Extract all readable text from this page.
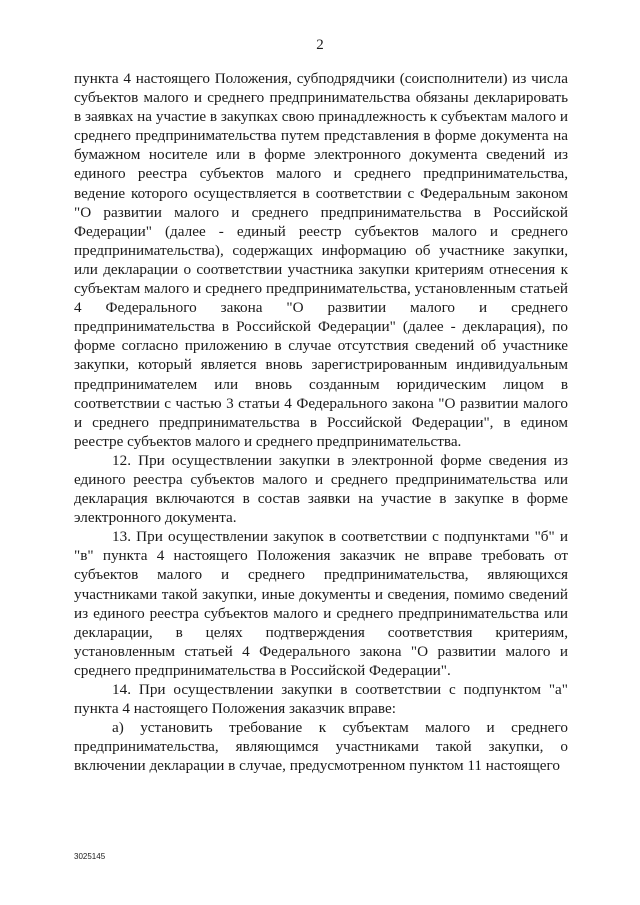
2

пункта 4 настоящего Положения, субподрядчики (соисполнители) из числа субъектов малого и среднего предпринимательства обязаны декларировать в заявках на участие в закупках свою принадлежность к субъектам малого и среднего предпринимательства путем представления в форме документа на бумажном носителе или в форме электронного документа сведений из единого реестра субъектов малого и среднего предпринимательства, ведение которого осуществляется в соответствии с Федеральным законом "О развитии малого и среднего предпринимательства в Российской Федерации" (далее - единый реестр субъектов малого и среднего предпринимательства), содержащих информацию об участнике закупки, или декларации о соответствии участника закупки критериям отнесения к субъектам малого и среднего предпринимательства, установленным статьей 4 Федерального закона "О развитии малого и среднего предпринимательства в Российской Федерации" (далее - декларация), по форме согласно приложению в случае отсутствия сведений об участнике закупки, который является вновь зарегистрированным индивидуальным предпринимателем или вновь созданным юридическим лицом в соответствии с частью 3 статьи 4 Федерального закона "О развитии малого и среднего предпринимательства в Российской Федерации", в едином реестре субъектов малого и среднего предпринимательства.

12. При осуществлении закупки в электронной форме сведения из единого реестра субъектов малого и среднего предпринимательства или декларация включаются в состав заявки на участие в закупке в форме электронного документа.

13. При осуществлении закупок в соответствии с подпунктами "б" и "в" пункта 4 настоящего Положения заказчик не вправе требовать от субъектов малого и среднего предпринимательства, являющихся участниками такой закупки, иные документы и сведения, помимо сведений из единого реестра субъектов малого и среднего предпринимательства или декларации, в целях подтверждения соответствия критериям, установленным статьей 4 Федерального закона "О развитии малого и среднего предпринимательства в Российской Федерации".

14. При осуществлении закупки в соответствии с подпунктом "а" пункта 4 настоящего Положения заказчик вправе:

а) установить требование к субъектам малого и среднего предпринимательства, являющимся участниками такой закупки, о включении декларации в случае, предусмотренном пунктом 11 настоящего

3025145
